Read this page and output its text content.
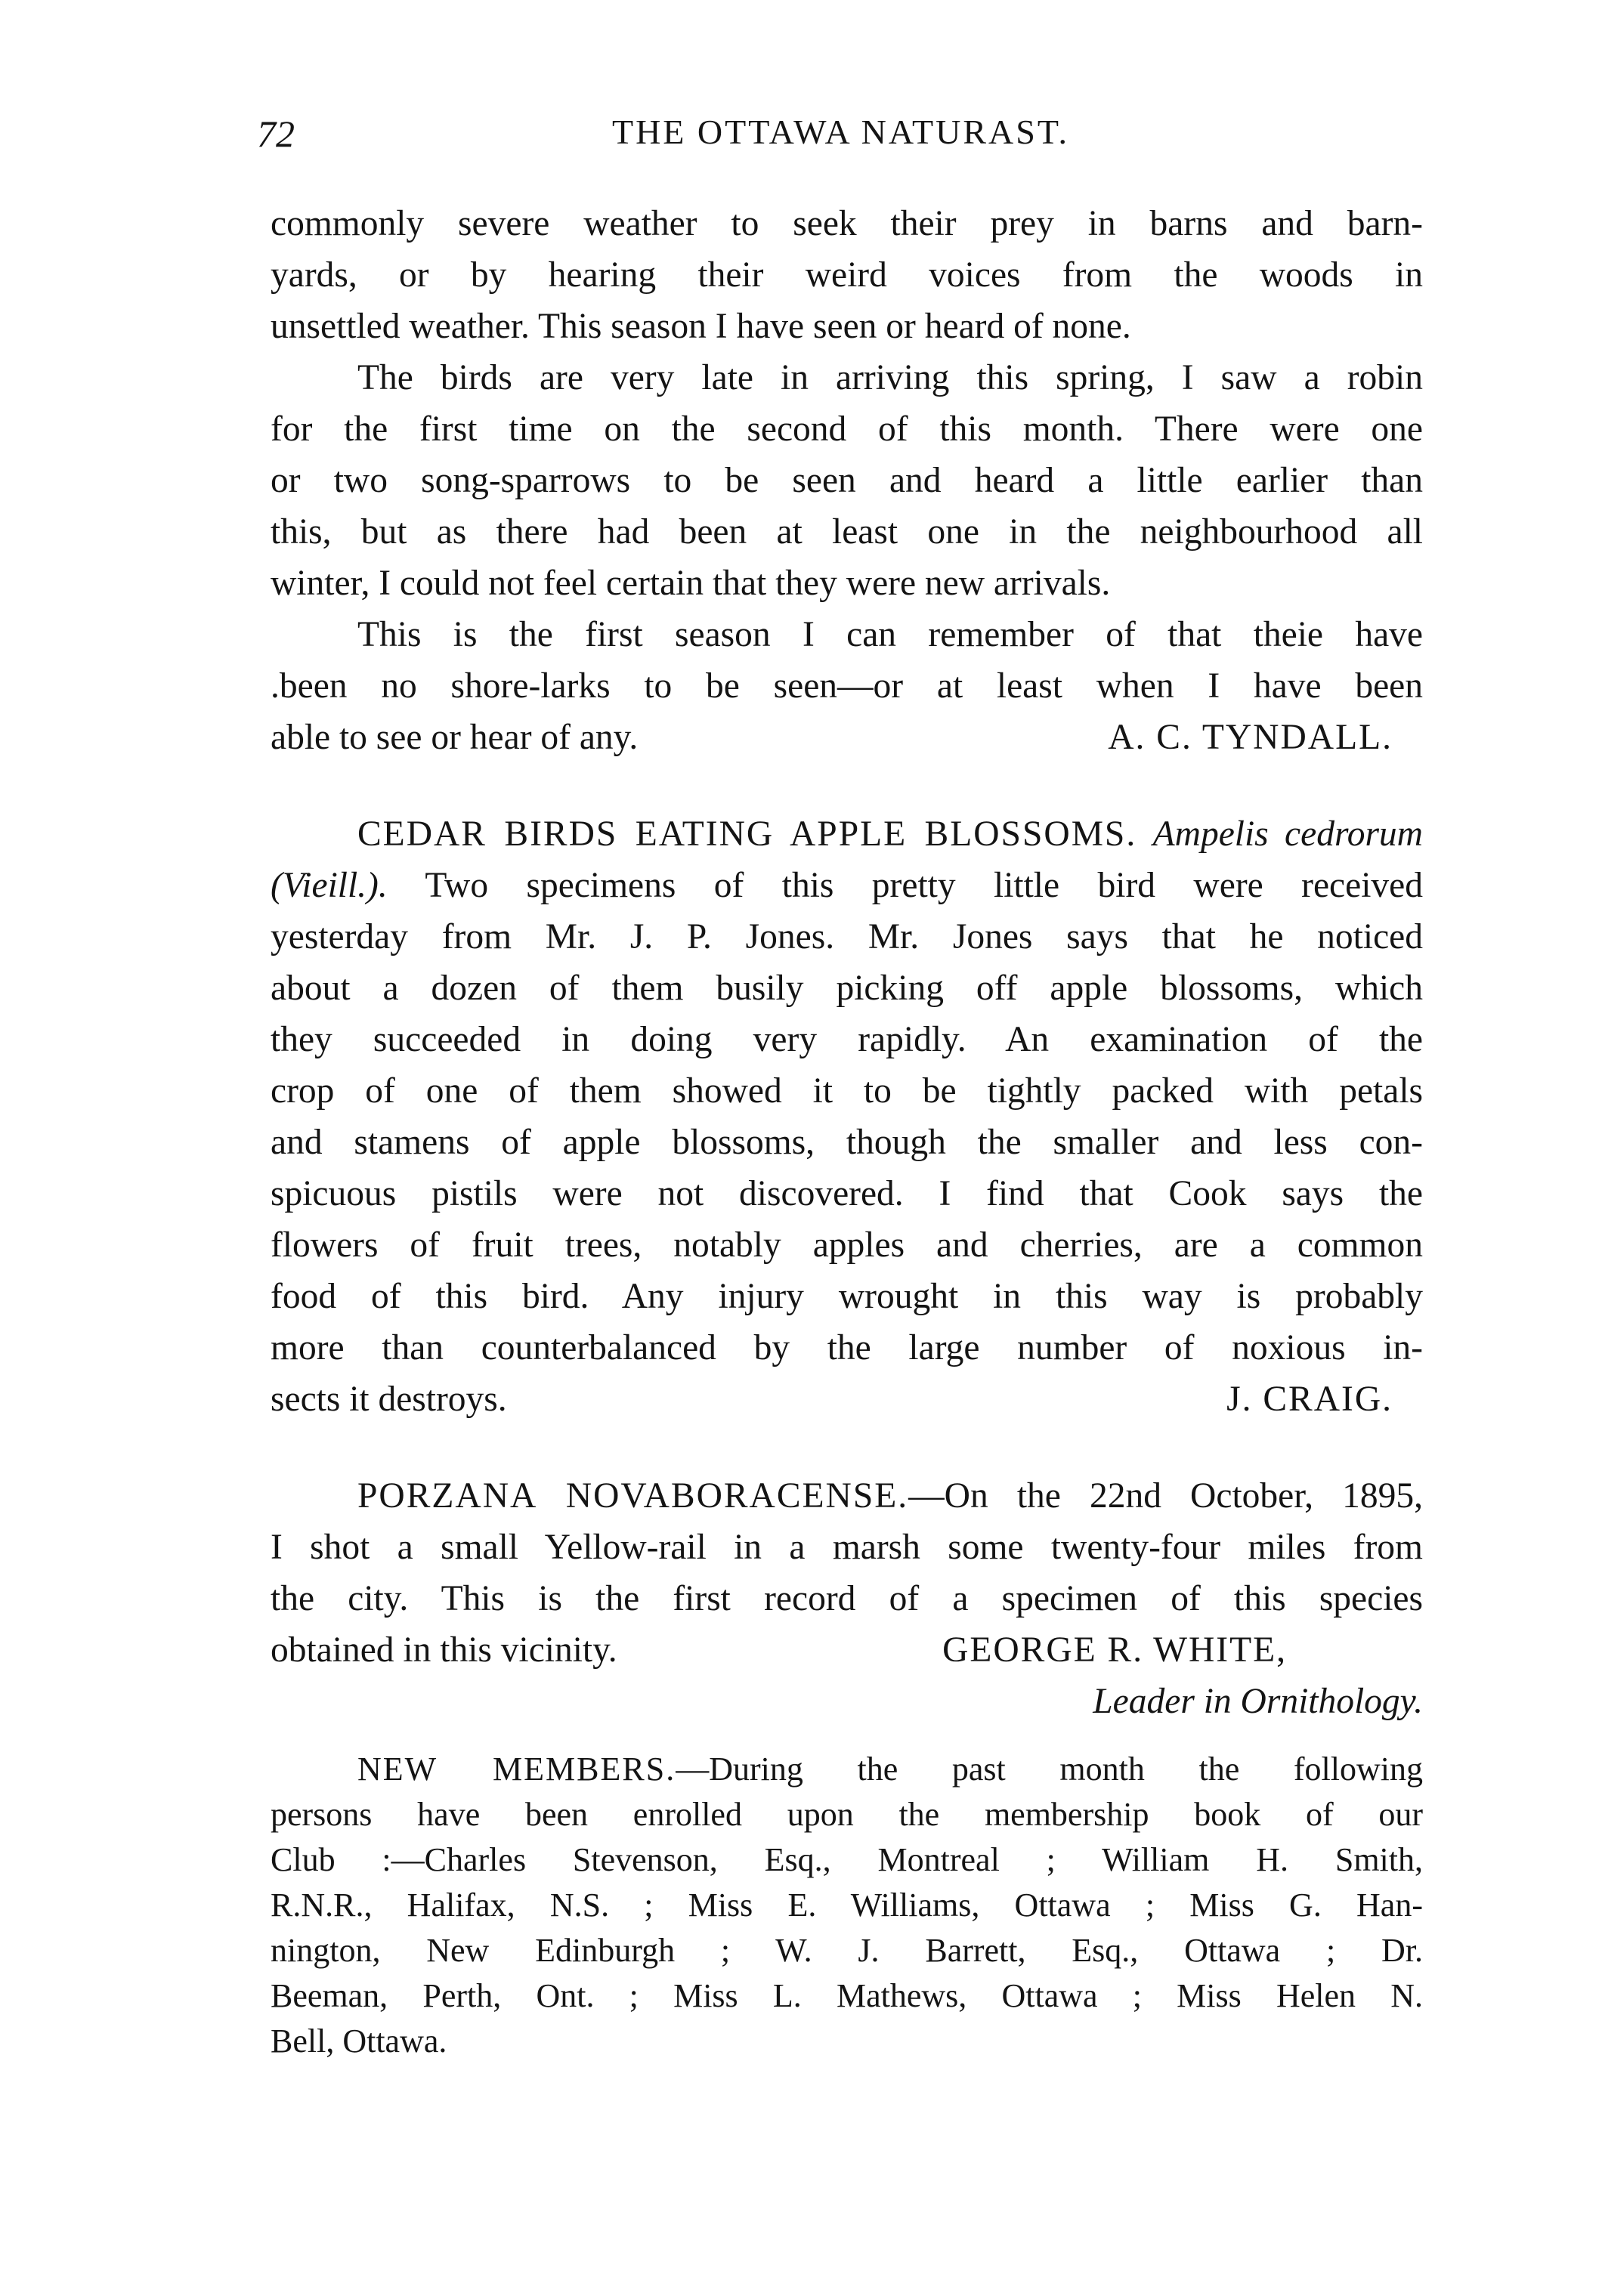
72	THE OTTAWA NATURAST.
commonly severe weather to seek their prey in barns and barn-
yards, or by hearing their weird voices from the woods in
unsettled weather. This season I have seen or heard of none.
The birds are very late in arriving this spring, I saw a robin
for the first time on the second of this month. There were one
or two song-sparrows to be seen and heard a little earlier than
this, but as there had been at least one in the neighbourhood all
winter, I could not feel certain that they were new arrivals.
This is the first season I can remember of that theie have
.been no shore-larks to be seen—or at least when I have been
able to see or hear of any.	A. C. TYNDALL.
CEDAR BIRDS EATING APPLE BLOSSOMS. Ampelis cedrorum
(Vieill.). Two specimens of this pretty little bird were received
yesterday from Mr. J. P. Jones. Mr. Jones says that he noticed
about a dozen of them busily picking off apple blossoms, which
they succeeded in doing very rapidly. An examination of the
crop of one of them showed it to be tightly packed with petals
and stamens of apple blossoms, though the smaller and less con-
spicuous pistils were not discovered. I find that Cook says the
flowers of fruit trees, notably apples and cherries, are a common
food of this bird. Any injury wrought in this way is probably
more than counterbalanced by the large number of noxious in-
sects it destroys.	J. CRAIG.
PORZANA NOVABORACENSE.—On the 22nd October, 1895,
I shot a small Yellow-rail in a marsh some twenty-four miles from
the city. This is the first record of a specimen of this species
obtained in this vicinity.	GEORGE R. WHITE,
Leader in Ornithology.
NEW MEMBERS.—During the past month the following
persons have been enrolled upon the membership book of our
Club :—Charles Stevenson, Esq., Montreal ; William H. Smith,
R.N.R., Halifax, N.S. ; Miss E. Williams, Ottawa ; Miss G. Han-
nington, New Edinburgh ; W. J. Barrett, Esq., Ottawa ; Dr.
Beeman, Perth, Ont. ; Miss L. Mathews, Ottawa ; Miss Helen N.
Bell, Ottawa.
